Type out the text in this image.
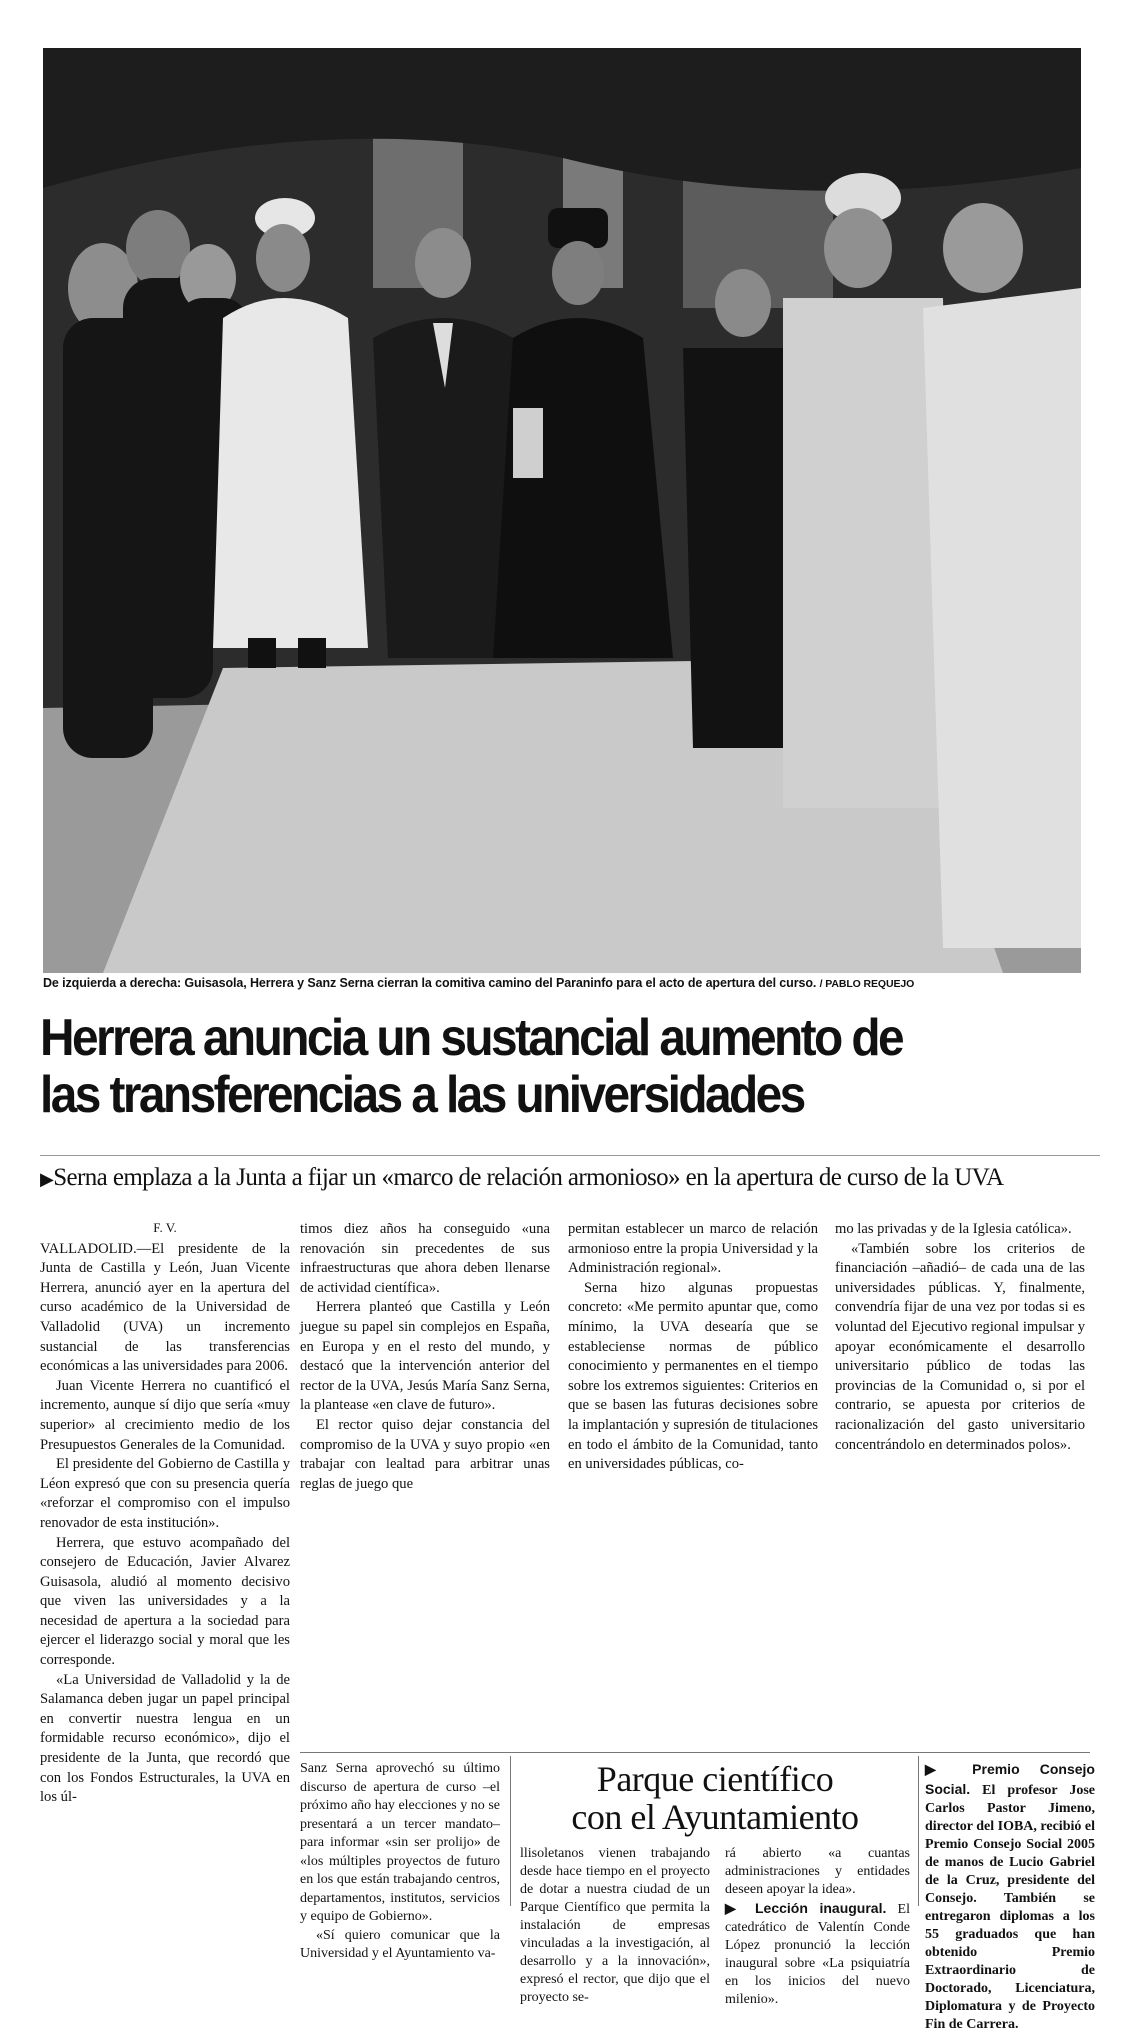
De izquierda a derecha: Guisasola, Herrera y Sanz Serna cierran la comitiva camino del Paraninfo para el acto de apertura del curso. / PABLO REQUEJO
Herrera anuncia un sustancial aumento de
las transferencias a las universidades
▶Serna emplaza a la Junta a fijar un «marco de relación armonioso» en la apertura de curso de la UVA
F. V.

VALLADOLID.—El presidente de la Junta de Castilla y León, Juan Vicente Herrera, anunció ayer en la apertura del curso académico de la Universidad de Valladolid (UVA) un incremento sustancial de las transferencias económicas a las universidades para 2006.

Juan Vicente Herrera no cuantificó el incremento, aunque sí dijo que sería «muy superior» al crecimiento medio de los Presupuestos Generales de la Comunidad.

El presidente del Gobierno de Castilla y Léon expresó que con su presencia quería «reforzar el compromiso con el impulso renovador de esta institución».

Herrera, que estuvo acompañado del consejero de Educación, Javier Alvarez Guisasola, aludió al momento decisivo que viven las universidades y a la necesidad de apertura a la sociedad para ejercer el liderazgo social y moral que les corresponde.

«La Universidad de Valladolid y la de Salamanca deben jugar un papel principal en convertir nuestra lengua en un formidable recurso económico», dijo el presidente de la Junta, que recordó que con los Fondos Estructurales, la UVA en los úl-

timos diez años ha conseguido «una renovación sin precedentes de sus infraestructuras que ahora deben llenarse de actividad científica».

Herrera planteó que Castilla y León juegue su papel sin complejos en España, en Europa y en el resto del mundo, y destacó que la intervención anterior del rector de la UVA, Jesús María Sanz Serna, la plantease «en clave de futuro».

El rector quiso dejar constancia del compromiso de la UVA y suyo propio «en trabajar con lealtad para arbitrar unas reglas de juego que

permitan establecer un marco de relación armonioso entre la propia Universidad y la Administración regional».

Serna hizo algunas propuestas concreto: «Me permito apuntar que, como mínimo, la UVA desearía que se estableciense normas de público conocimiento y permanentes en el tiempo sobre los extremos siguientes: Criterios en que se basen las futuras decisiones sobre la implantación y supresión de titulaciones en todo el ámbito de la Comunidad, tanto en universidades públicas, co-

mo las privadas y de la Iglesia católica».

«También sobre los criterios de financiación –añadió– de cada una de las universidades públicas. Y, finalmente, convendría fijar de una vez por todas si es voluntad del Ejecutivo regional impulsar y apoyar económicamente el desarrollo universitario público de todas las provincias de la Comunidad o, si por el contrario, se apuesta por criterios de racionalización del gasto universitario concentrándolo en determinados polos».

Sanz Serna aprovechó su último discurso de apertura de curso –el próximo año hay elecciones y no se presentará a un tercer mandato– para informar «sin ser prolijo» de «los múltiples proyectos de futuro en los que están trabajando centros, departamentos, institutos, servicios y equipo de Gobierno».

«Sí quiero comunicar que la Universidad y el Ayuntamiento va-

Parque científico
con el Ayuntamiento

llisoletanos vienen trabajando desde hace tiempo en el proyecto de dotar a nuestra ciudad de un Parque Científico que permita la instalación de empresas vinculadas a la investigación, al desarrollo y a la innovación», expresó el rector, que dijo que el proyecto se-

rá abierto «a cuantas administraciones y entidades deseen apoyar la idea».

▶ Lección inaugural. El catedrático de Valentín Conde López pronunció la lección inaugural sobre «La psiquiatría en los inicios del nuevo milenio».

▶ Premio Consejo Social. El profesor Jose Carlos Pastor Jimeno, director del IOBA, recibió el Premio Consejo Social 2005 de manos de Lucio Gabriel de la Cruz, presidente del Consejo. También se entregaron diplomas a los 55 graduados que han obtenido Premio Extraordinario de Doctorado, Licenciatura, Diplomatura y de Proyecto Fin de Carrera.
